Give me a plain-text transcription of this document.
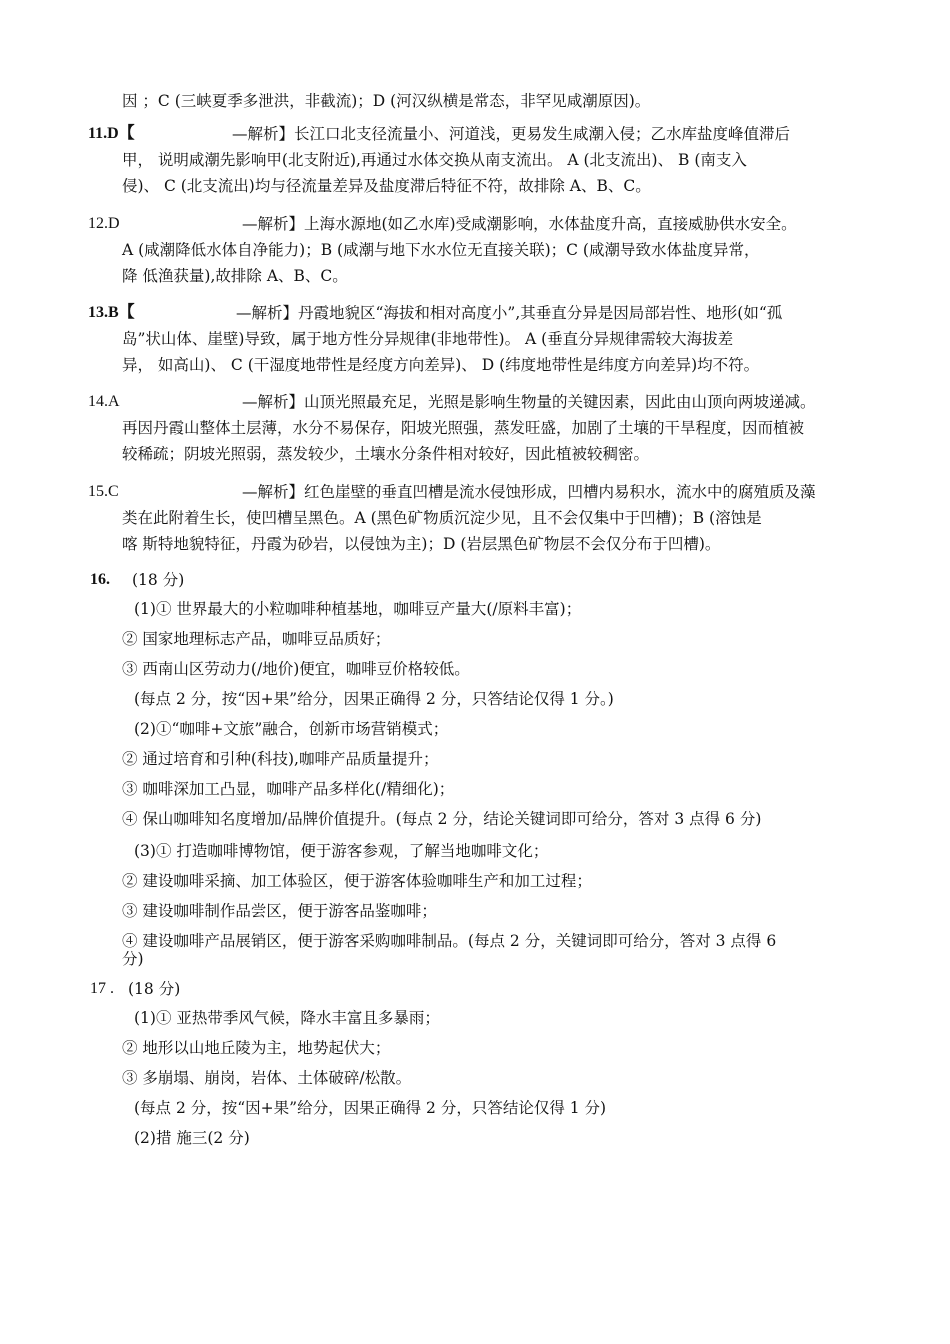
因 ；C (三峡夏季多泄洪，非截流)；D (河汉纵横是常态，非罕见咸潮原因)。
11.D【	—解析】长江口北支径流量小、河道浅，更易发生咸潮入侵；乙水库盐度峰值滞后
甲， 说明咸潮先影响甲(北支附近),再通过水体交换从南支流出。 A (北支流出)、 B (南支入
侵)、 C (北支流出)均与径流量差异及盐度滞后特征不符，故排除 A、B、C。
12.D	—解析】上海水源地(如乙水库)受咸潮影响，水体盐度升高，直接威胁供水安全。
A (咸潮降低水体自净能力)；B (咸潮与地下水水位无直接关联)；C (咸潮导致水体盐度异常，
降 低渔获量),故排除 A、B、C。
13.B【	—解析】丹霞地貌区“海拔和相对高度小”,其垂直分异是因局部岩性、地形(如“孤
岛”状山体、崖壁)导致，属于地方性分异规律(非地带性)。 A (垂直分异规律需较大海拔差
异， 如高山)、 C (干湿度地带性是经度方向差异)、 D (纬度地带性是纬度方向差异)均不符。
14.A	—解析】山顶光照最充足，光照是影响生物量的关键因素，因此由山顶向两坡递减。
再因丹霞山整体土层薄，水分不易保存，阳坡光照强，蒸发旺盛，加剧了土壤的干旱程度，因而植被
较稀疏；阴坡光照弱，蒸发较少，土壤水分条件相对较好，因此植被较稠密。
15.C	—解析】红色崖壁的垂直凹槽是流水侵蚀形成，凹槽内易积水，流水中的腐殖质及藻
类在此附着生长，使凹槽呈黑色。A (黑色矿物质沉淀少见，且不会仅集中于凹槽)；B (溶蚀是
喀 斯特地貌特征，丹霞为砂岩，以侵蚀为主)；D (岩层黑色矿物层不会仅分布于凹槽)。
16. (18 分)
(1)① 世界最大的小粒咖啡种植基地，咖啡豆产量大(/原料丰富)；
② 国家地理标志产品，咖啡豆品质好；
③ 西南山区劳动力(/地价)便宜，咖啡豆价格较低。
(每点 2 分，按“因+果”给分，因果正确得 2 分，只答结论仅得 1 分。)
(2)①“咖啡+文旅”融合，创新市场营销模式；
② 通过培育和引种(科技),咖啡产品质量提升；
③ 咖啡深加工凸显，咖啡产品多样化(/精细化)；
④ 保山咖啡知名度增加/品牌价值提升。(每点 2 分，结论关键词即可给分，答对 3 点得 6 分)
(3)① 打造咖啡博物馆，便于游客参观，了解当地咖啡文化；
② 建设咖啡采摘、加工体验区，便于游客体验咖啡生产和加工过程；
③ 建设咖啡制作品尝区，便于游客品鉴咖啡；
④ 建设咖啡产品展销区，便于游客采购咖啡制品。(每点 2 分，关键词即可给分，答对 3 点得 6
分)
17 . (18 分)
(1)① 亚热带季风气候，降水丰富且多暴雨；
② 地形以山地丘陵为主，地势起伏大；
③ 多崩塌、崩岗，岩体、土体破碎/松散。
(每点 2 分，按“因+果”给分，因果正确得 2 分，只答结论仅得 1 分)
(2)措 施三(2 分)
